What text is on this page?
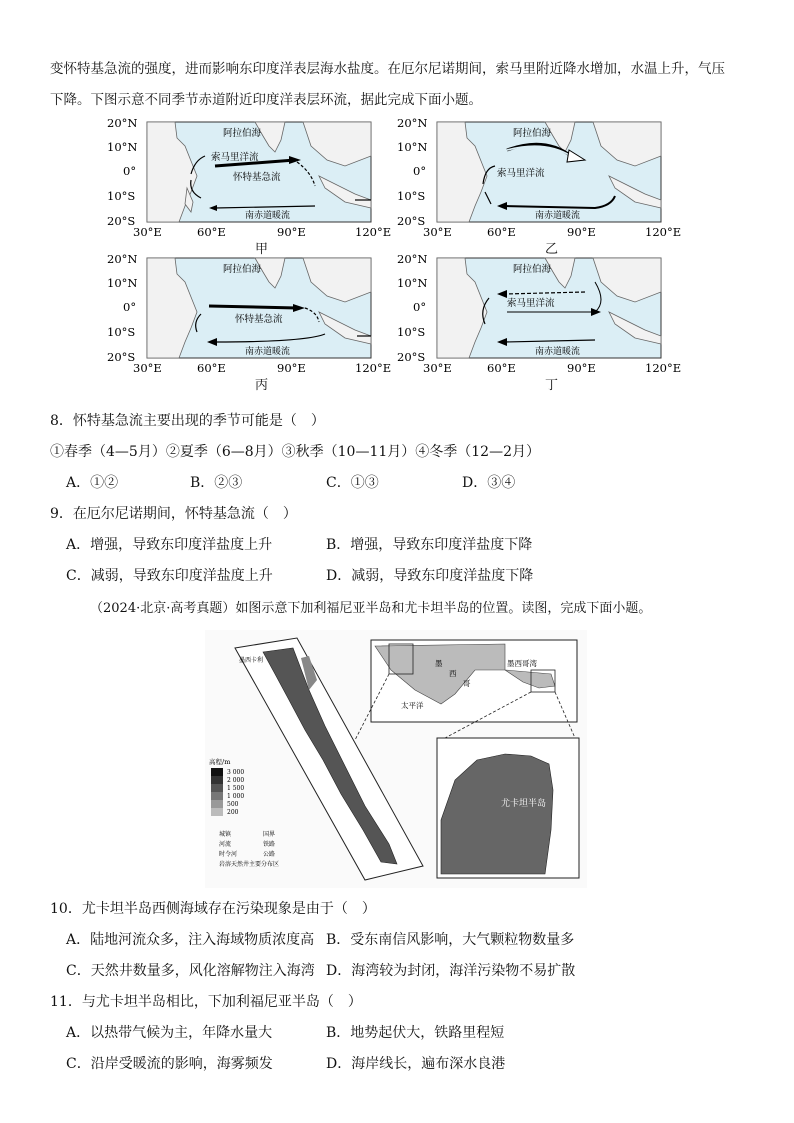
变怀特基急流的强度，进而影响东印度洋表层海水盐度。在厄尔尼诺期间，索马里附近降水增加，水温上升，气压
下降。下图示意不同季节赤道附近印度洋表层环流，据此完成下面小题。
阿拉伯海
索马里洋流
怀特基急流
南赤道暖流
20°N
10°N
0°
10°S
20°S
30°E	60°E	90°E	120°E
甲
阿拉伯海
索马里洋流
南赤道暖流
20°N
10°N
0°
10°S
20°S
30°E	60°E	90°E	120°E
乙
阿拉伯海
怀特基急流
南赤道暖流
20°N
10°N
0°
10°S
20°S
30°E	60°E	90°E	120°E
丙
阿拉伯海
索马里洋流
南赤道暖流
20°N
10°N
0°
10°S
20°S
30°E	60°E	90°E	120°E
丁
8．怀特基急流主要出现的季节可能是（　）
①春季（4—5月）②夏季（6—8月）③秋季（10—11月）④冬季（12—2月）
A．①②	B．②③	C．①③	D．③④
9．在厄尔尼诺期间，怀特基急流（　）
A．增强，导致东印度洋盐度上升	B．增强，导致东印度洋盐度下降
C．减弱，导致东印度洋盐度上升	D．减弱，导致东印度洋盐度下降
（2024·北京·高考真题）如图示意下加利福尼亚半岛和尤卡坦半岛的位置。读图，完成下面小题。
墨西哥湾
太平洋
墨
西
哥
尤卡坦半岛
高程/m
3 000
2 000
1 500
1 000
500
200
城镇	国界
河流	铁路
时令河	公路
岩溶天然井主要分布区
墨西卡利
10．尤卡坦半岛西侧海域存在污染现象是由于（　）
A．陆地河流众多，注入海域物质浓度高 B．受东南信风影响，大气颗粒物数量多
C．天然井数量多，风化溶解物注入海湾 D．海湾较为封闭，海洋污染物不易扩散
11．与尤卡坦半岛相比，下加利福尼亚半岛（　）
A．以热带气候为主，年降水量大	B．地势起伏大，铁路里程短
C．沿岸受暖流的影响，海雾频发	D．海岸线长，遍布深水良港
